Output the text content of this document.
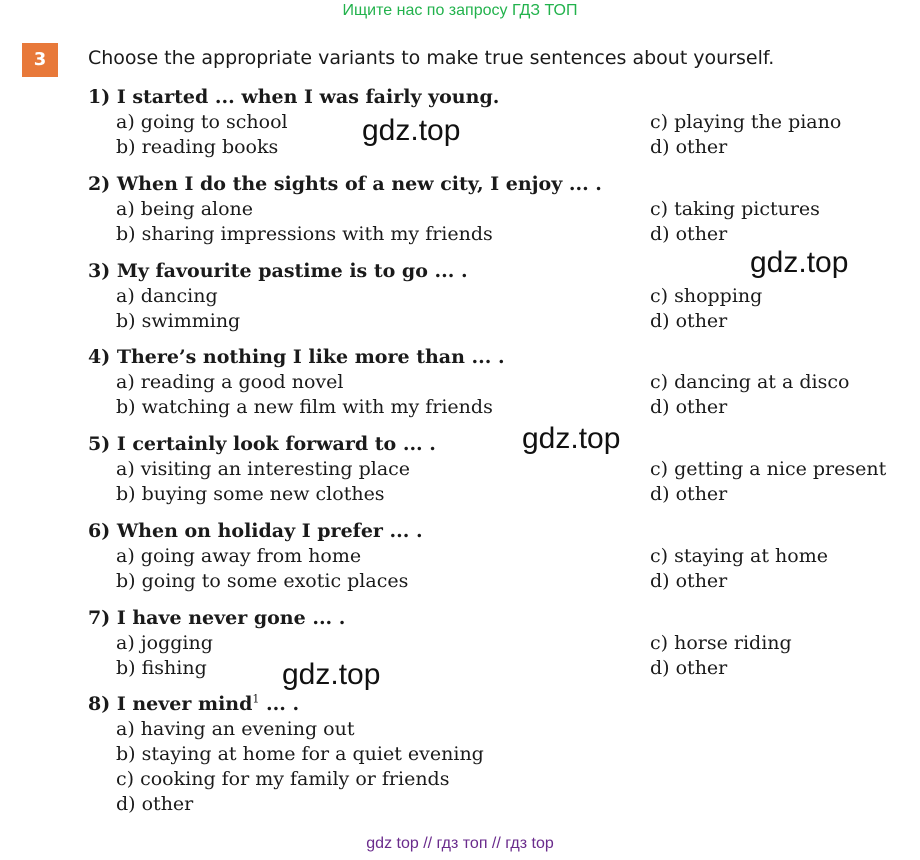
Ищите нас по запросу ГДЗ ТОП
3	Choose the appropriate variants to make true sentences about yourself.
1) I started ... when I was fairly young.
a) going to school	c) playing the piano
b) reading books	d) other
2) When I do the sights of a new city, I enjoy ... .
a) being alone	c) taking pictures
b) sharing impressions with my friends	d) other
3) My favourite pastime is to go ... .
a) dancing	c) shopping
b) swimming	d) other
4) There’s nothing I like more than ... .
a) reading a good novel	c) dancing at a disco
b) watching a new film with my friends	d) other
5) I certainly look forward to ... .
a) visiting an interesting place	c) getting a nice present
b) buying some new clothes	d) other
6) When on holiday I prefer ... .
a) going away from home	c) staying at home
b) going to some exotic places	d) other
7) I have never gone ... .
a) jogging	c) horse riding
b) fishing	d) other
8) I never mind$^1$ ... .
a) having an evening out
b) staying at home for a quiet evening
c) cooking for my family or friends
d) other
gdz.top
gdz.top
gdz.top
gdz.top
gdz top // гдз топ // гдз top
